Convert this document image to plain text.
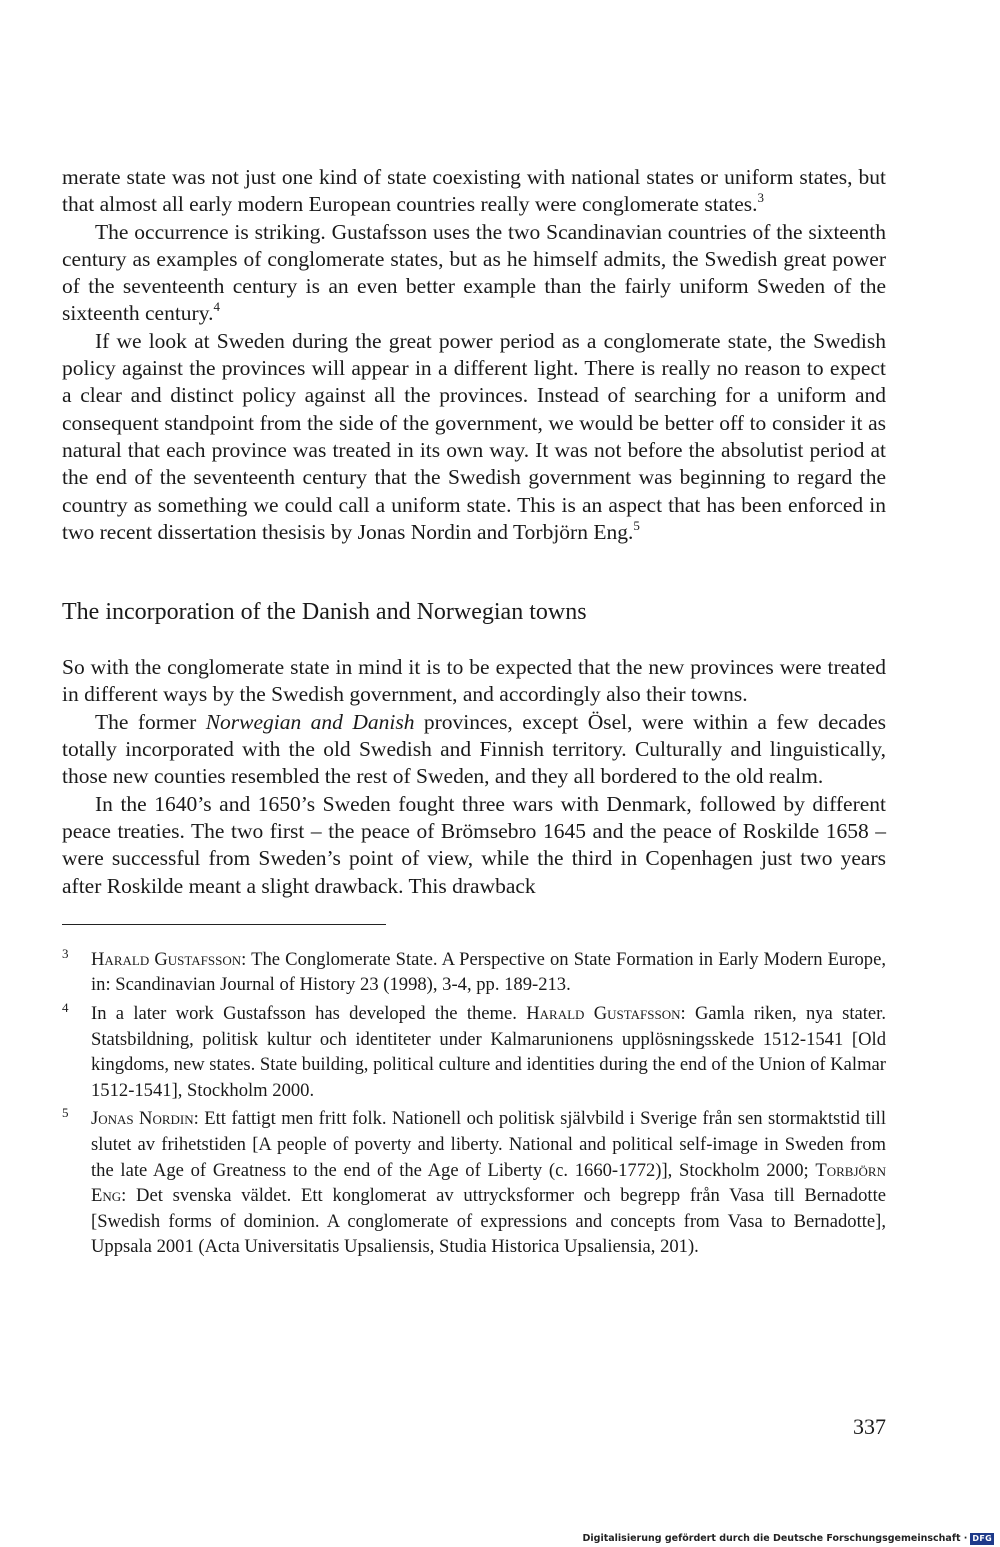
merate state was not just one kind of state coexisting with national states or uniform states, but that almost all early modern European countries really were conglomerate states.$^3$

The occurrence is striking. Gustafsson uses the two Scandinavian countries of the sixteenth century as examples of conglomerate states, but as he himself admits, the Swedish great power of the seventeenth century is an even better example than the fairly uniform Sweden of the sixteenth century.$^4$

If we look at Sweden during the great power period as a conglomerate state, the Swedish policy against the provinces will appear in a different light. There is really no reason to expect a clear and distinct policy against all the provinces. Instead of searching for a uniform and consequent standpoint from the side of the government, we would be better off to consider it as natural that each province was treated in its own way. It was not before the absolutist period at the end of the seventeenth century that the Swedish government was beginning to regard the country as something we could call a uniform state. This is an aspect that has been enforced in two recent dissertation thesisis by Jonas Nordin and Torbjörn Eng.$^5$

The incorporation of the Danish and Norwegian towns

So with the conglomerate state in mind it is to be expected that the new provinces were treated in different ways by the Swedish government, and accordingly also their towns.

The former Norwegian and Danish provinces, except Ösel, were within a few decades totally incorporated with the old Swedish and Finnish territory. Culturally and linguistically, those new counties resembled the rest of Sweden, and they all bordered to the old realm.

In the 1640’s and 1650’s Sweden fought three wars with Denmark, followed by different peace treaties. The two first – the peace of Brömsebro 1645 and the peace of Roskilde 1658 – were successful from Sweden’s point of view, while the third in Copenhagen just two years after Roskilde meant a slight drawback. This drawback

3 Harald Gustafsson: The Conglomerate State. A Perspective on State Formation in Early Modern Europe, in: Scandinavian Journal of History 23 (1998), 3-4, pp. 189-213.

4 In a later work Gustafsson has developed the theme. Harald Gustafsson: Gamla riken, nya stater. Statsbildning, politisk kultur och identiteter under Kalmarunionens upplösningsskede 1512-1541 [Old kingdoms, new states. State building, political culture and identities during the end of the Union of Kalmar 1512-1541], Stockholm 2000.

5 Jonas Nordin: Ett fattigt men fritt folk. Nationell och politisk självbild i Sverige från sen stormaktstid till slutet av frihetstiden [A people of poverty and liberty. National and political self-image in Sweden from the late Age of Greatness to the end of the Age of Liberty (c. 1660-1772)], Stockholm 2000; Torbjörn Eng: Det svenska väldet. Ett konglomerat av uttrycksformer och begrepp från Vasa till Bernadotte [Swedish forms of dominion. A conglomerate of expressions and concepts from Vasa to Bernadotte], Uppsala 2001 (Acta Universitatis Upsaliensis, Studia Historica Upsaliensia, 201).

337
Digitalisierung gefördert durch die Deutsche Forschungsgemeinschaft · DFG
